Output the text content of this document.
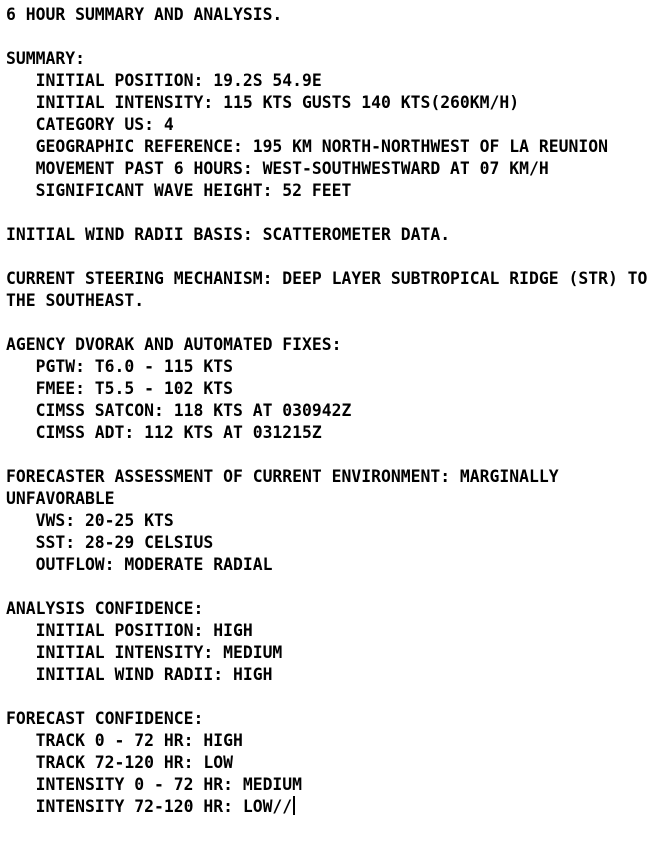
6 HOUR SUMMARY AND ANALYSIS.
SUMMARY:
INITIAL POSITION: 19.2S 54.9E
INITIAL INTENSITY: 115 KTS GUSTS 140 KTS(260KM/H)
CATEGORY US: 4
GEOGRAPHIC REFERENCE: 195 KM NORTH-NORTHWEST OF LA REUNION
MOVEMENT PAST 6 HOURS: WEST-SOUTHWESTWARD AT 07 KM/H
SIGNIFICANT WAVE HEIGHT: 52 FEET
INITIAL WIND RADII BASIS: SCATTEROMETER DATA.
CURRENT STEERING MECHANISM: DEEP LAYER SUBTROPICAL RIDGE (STR) TO
THE SOUTHEAST.
AGENCY DVORAK AND AUTOMATED FIXES:
PGTW: T6.0 - 115 KTS
FMEE: T5.5 - 102 KTS
CIMSS SATCON: 118 KTS AT 030942Z
CIMSS ADT: 112 KTS AT 031215Z
FORECASTER ASSESSMENT OF CURRENT ENVIRONMENT: MARGINALLY
UNFAVORABLE
VWS: 20-25 KTS
SST: 28-29 CELSIUS
OUTFLOW: MODERATE RADIAL
ANALYSIS CONFIDENCE:
INITIAL POSITION: HIGH
INITIAL INTENSITY: MEDIUM
INITIAL WIND RADII: HIGH
FORECAST CONFIDENCE:
TRACK 0 - 72 HR: HIGH
TRACK 72-120 HR: LOW
INTENSITY 0 - 72 HR: MEDIUM
INTENSITY 72-120 HR: LOW//
